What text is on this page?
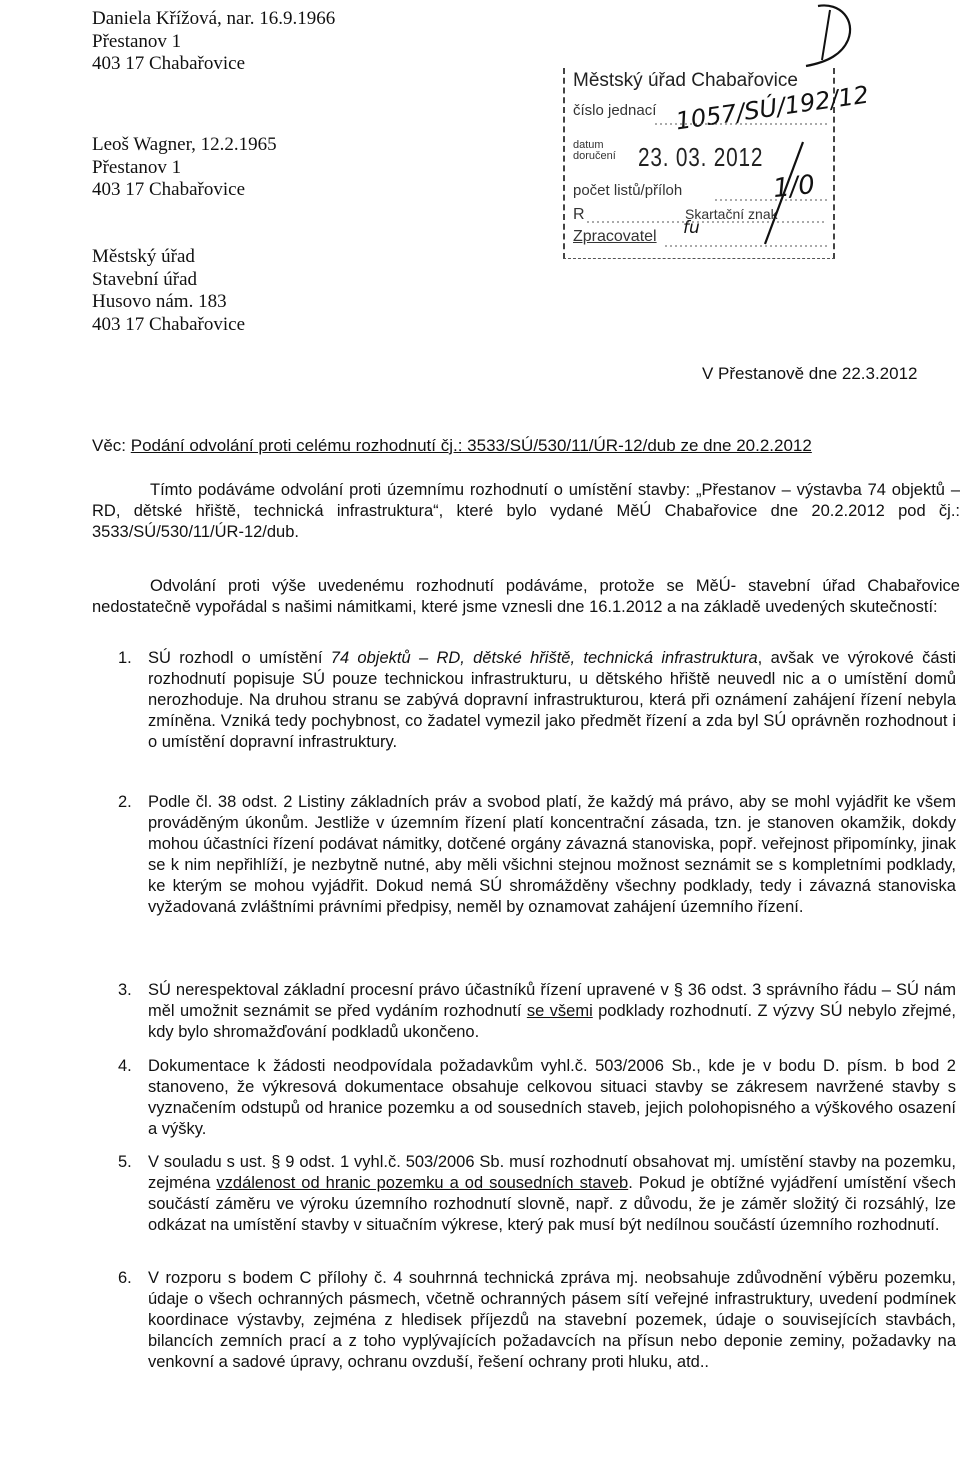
Daniela Křížová, nar. 16.9.1966
Přestanov 1
403 17 Chabařovice
Leoš Wagner, 12.2.1965
Přestanov 1
403 17 Chabařovice
Městský úřad
Stavební úřad
Husovo nám. 183
403 17 Chabařovice
Městský úřad Chabařovice
číslo jednací 1057/SÚ/192/12
datum doručení 23. 03. 2012
počet listů/příloh	1/0
R	Skartační znak
Zpracovatel fu
V Přestanově dne 22.3.2012
Věc: Podání odvolání proti celému rozhodnutí čj.: 3533/SÚ/530/11/ÚR-12/dub ze dne 20.2.2012

Tímto podáváme odvolání proti územnímu rozhodnutí o umístění stavby: „Přestanov – výstavba 74 objektů – RD, dětské hřiště, technická infrastruktura“, které bylo vydané MěÚ Chabařovice dne 20.2.2012 pod čj.: 3533/SÚ/530/11/ÚR-12/dub.

Odvolání proti výše uvedenému rozhodnutí podáváme, protože se MěÚ- stavební úřad Chabařovice nedostatečně vypořádal s našimi námitkami, které jsme vznesli dne 16.1.2012 a na základě uvedených skutečností:

1. SÚ rozhodl o umístění 74 objektů – RD, dětské hřiště, technická infrastruktura, avšak ve výrokové části rozhodnutí popisuje SÚ pouze technickou infrastrukturu, u dětského hřiště neuvedl nic a o umístění domů nerozhoduje. Na druhou stranu se zabývá dopravní infrastrukturou, která při oznámení zahájení řízení nebyla zmíněna. Vzniká tedy pochybnost, co žadatel vymezil jako předmět řízení a zda byl SÚ oprávněn rozhodnout i o umístění dopravní infrastruktury.
2. Podle čl. 38 odst. 2 Listiny základních práv a svobod platí, že každý má právo, aby se mohl vyjádřit ke všem prováděným úkonům. Jestliže v územním řízení platí koncentrační zásada, tzn. je stanoven okamžik, dokdy mohou účastníci řízení podávat námitky, dotčené orgány závazná stanoviska, popř. veřejnost připomínky, jinak se k nim nepřihlíží, je nezbytně nutné, aby měli všichni stejnou možnost seznámit se s kompletními podklady, ke kterým se mohou vyjádřit. Dokud nemá SÚ shromážděny všechny podklady, tedy i závazná stanoviska vyžadovaná zvláštními právními předpisy, neměl by oznamovat zahájení územního řízení.
3. SÚ nerespektoval základní procesní právo účastníků řízení upravené v § 36 odst. 3 správního řádu – SÚ nám měl umožnit seznámit se před vydáním rozhodnutí se všemi podklady rozhodnutí. Z výzvy SÚ nebylo zřejmé, kdy bylo shromažďování podkladů ukončeno.
4. Dokumentace k žádosti neodpovídala požadavkům vyhl.č. 503/2006 Sb., kde je v bodu D. písm. b bod 2 stanoveno, že výkresová dokumentace obsahuje celkovou situaci stavby se zákresem navržené stavby s vyznačením odstupů od hranice pozemku a od sousedních staveb, jejich polohopisného a výškového osazení a výšky.
5. V souladu s ust. § 9 odst. 1 vyhl.č. 503/2006 Sb. musí rozhodnutí obsahovat mj. umístění stavby na pozemku, zejména vzdálenost od hranic pozemku a od sousedních staveb. Pokud je obtížné vyjádření umístění všech součástí záměru ve výroku územního rozhodnutí slovně, např. z důvodu, že je záměr složitý či rozsáhlý, lze odkázat na umístění stavby v situačním výkrese, který pak musí být nedílnou součástí územního rozhodnutí.
6. V rozporu s bodem C přílohy č. 4 souhrnná technická zpráva mj. neobsahuje zdůvodnění výběru pozemku, údaje o všech ochranných pásmech, včetně ochranných pásem sítí veřejné infrastruktury, uvedení podmínek koordinace výstavby, zejména z hledisek příjezdů na stavební pozemek, údaje o souvisejících stavbách, bilancích zemních prací a z toho vyplývajících požadavcích na přísun nebo deponie zeminy, požadavky na venkovní a sadové úpravy, ochranu ovzduší, řešení ochrany proti hluku, atd..
